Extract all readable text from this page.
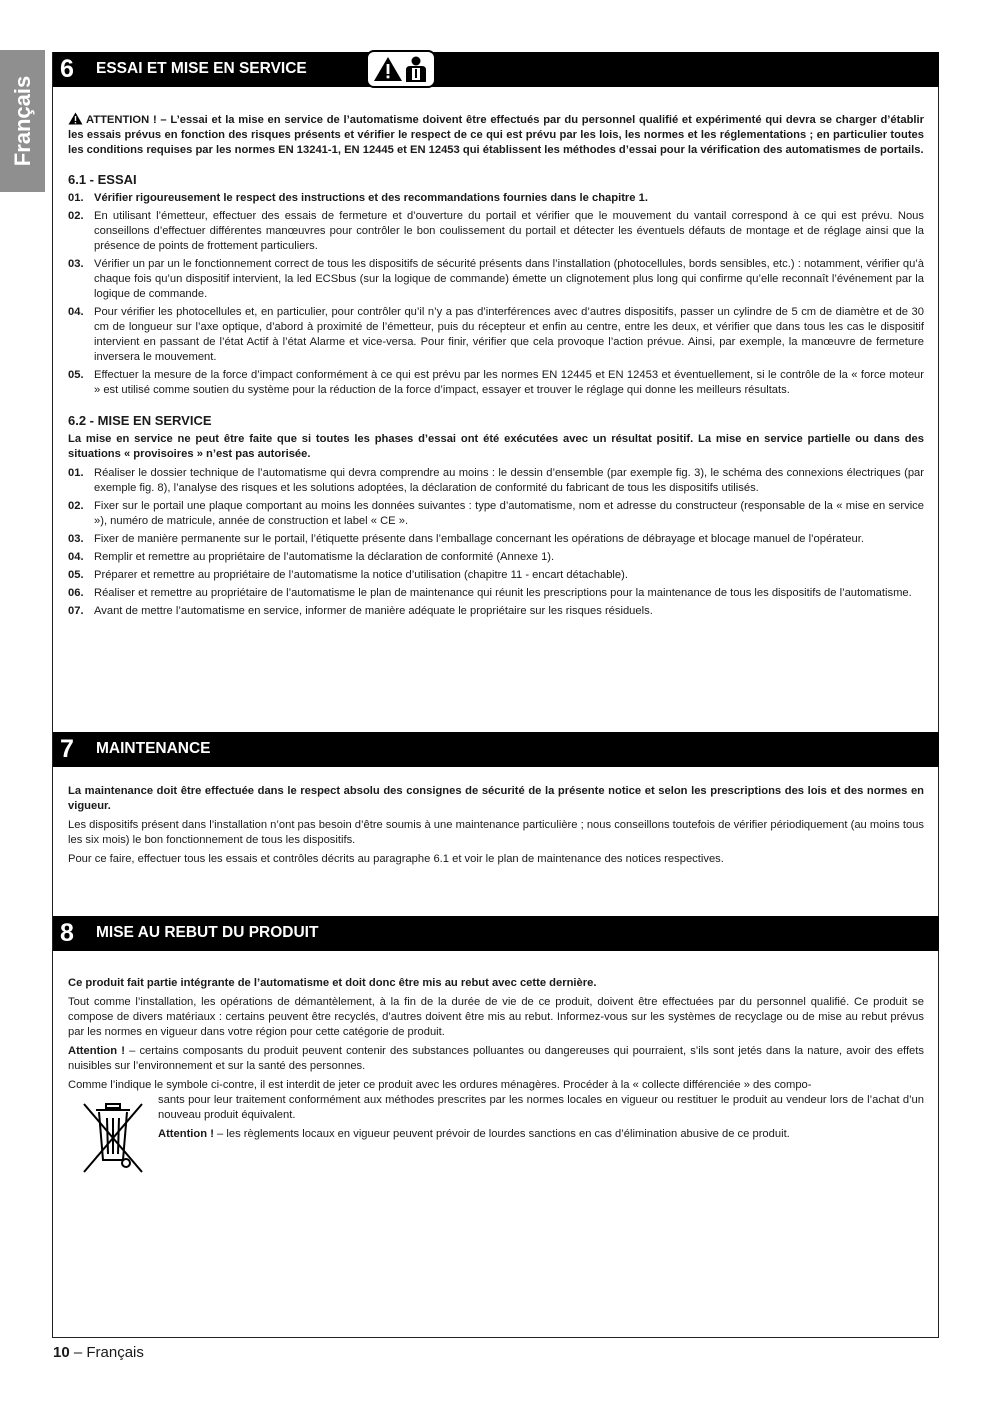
Français
6 ESSAI ET MISE EN SERVICE

ATTENTION ! – L’essai et la mise en service de l’automatisme doivent être effectués par du personnel qualifié et expérimenté qui devra se charger d’établir les essais prévus en fonction des risques présents et vérifier le respect de ce qui est prévu par les lois, les normes et les réglementations ; en particulier toutes les conditions requises par les normes EN 13241-1, EN 12445 et EN 12453 qui établissent les méthodes d’essai pour la vérification des automatismes de portails.

6.1 - ESSAI

01. Vérifier rigoureusement le respect des instructions et des recommandations fournies dans le chapitre 1.
02. En utilisant l’émetteur, effectuer des essais de fermeture et d’ouverture du portail et vérifier que le mouvement du vantail correspond à ce qui est prévu. Nous conseillons d’effectuer différentes manœuvres pour contrôler le bon coulissement du portail et détecter les éventuels défauts de montage et de réglage ainsi que la présence de points de frottement particuliers.
03. Vérifier un par un le fonctionnement correct de tous les dispositifs de sécurité présents dans l’installation (photocellules, bords sensibles, etc.) : notamment, vérifier qu’à chaque fois qu’un dispositif intervient, la led ECSbus (sur la logique de commande) émette un clignotement plus long qui confirme qu’elle reconnaît l’événement par la logique de commande.
04. Pour vérifier les photocellules et, en particulier, pour contrôler qu’il n’y a pas d’interférences avec d’autres dispositifs, passer un cylindre de 5 cm de diamètre et de 30 cm de longueur sur l’axe optique, d’abord à proximité de l’émetteur, puis du récepteur et enfin au centre, entre les deux, et vérifier que dans tous les cas le dispositif intervient en passant de l’état Actif à l’état Alarme et vice-versa. Pour finir, vérifier que cela provoque l’action prévue. Ainsi, par exemple, la manœuvre de fermeture inversera le mouvement.
05. Effectuer la mesure de la force d’impact conformément à ce qui est prévu par les normes EN 12445 et EN 12453 et éventuellement, si le contrôle de la « force moteur » est utilisé comme soutien du système pour la réduction de la force d’impact, essayer et trouver le réglage qui donne les meilleurs résultats.

6.2 - MISE EN SERVICE

La mise en service ne peut être faite que si toutes les phases d’essai ont été exécutées avec un résultat positif. La mise en service partielle ou dans des situations « provisoires » n’est pas autorisée.

01. Réaliser le dossier technique de l’automatisme qui devra comprendre au moins : le dessin d’ensemble (par exemple fig. 3), le schéma des connexions électriques (par exemple fig. 8), l’analyse des risques et les solutions adoptées, la déclaration de conformité du fabricant de tous les dispositifs utilisés.
02. Fixer sur le portail une plaque comportant au moins les données suivantes : type d’automatisme, nom et adresse du constructeur (responsable de la « mise en service »), numéro de matricule, année de construction et label « CE ».
03. Fixer de manière permanente sur le portail, l’étiquette présente dans l’emballage concernant les opérations de débrayage et blocage manuel de l’opérateur.
04. Remplir et remettre au propriétaire de l’automatisme la déclaration de conformité (Annexe 1).
05. Préparer et remettre au propriétaire de l’automatisme la notice d’utilisation (chapitre 11 - encart détachable).
06. Réaliser et remettre au propriétaire de l’automatisme le plan de maintenance qui réunit les prescriptions pour la maintenance de tous les dispositifs de l’automatisme.
07. Avant de mettre l’automatisme en service, informer de manière adéquate le propriétaire sur les risques résiduels.
7 MAINTENANCE

La maintenance doit être effectuée dans le respect absolu des consignes de sécurité de la présente notice et selon les prescriptions des lois et des normes en vigueur.

Les dispositifs présent dans l’installation n’ont pas besoin d’être soumis à une maintenance particulière ; nous conseillons toutefois de vérifier périodiquement (au moins tous les six mois) le bon fonctionnement de tous les dispositifs.

Pour ce faire, effectuer tous les essais et contrôles décrits au paragraphe 6.1 et voir le plan de maintenance des notices respectives.

8 MISE AU REBUT DU PRODUIT

Ce produit fait partie intégrante de l’automatisme et doit donc être mis au rebut avec cette dernière.

Tout comme l’installation, les opérations de démantèlement, à la fin de la durée de vie de ce produit, doivent être effectuées par du personnel qualifié. Ce produit se compose de divers matériaux : certains peuvent être recyclés, d’autres doivent être mis au rebut. Informez-vous sur les systèmes de recyclage ou de mise au rebut prévus par les normes en vigueur dans votre région pour cette catégorie de produit.

Attention ! – certains composants du produit peuvent contenir des substances polluantes ou dangereuses qui pourraient, s’ils sont jetés dans la nature, avoir des effets nuisibles sur l’environnement et sur la santé des personnes.

Comme l’indique le symbole ci-contre, il est interdit de jeter ce produit avec les ordures ménagères. Procéder à la « collecte différenciée » des compo-

sants pour leur traitement conformément aux méthodes prescrites par les normes locales en vigueur ou restituer le produit au vendeur lors de l’achat d’un nouveau produit équivalent.

Attention ! – les règlements locaux en vigueur peuvent prévoir de lourdes sanctions en cas d’élimination abusive de ce produit.

10 – Français
